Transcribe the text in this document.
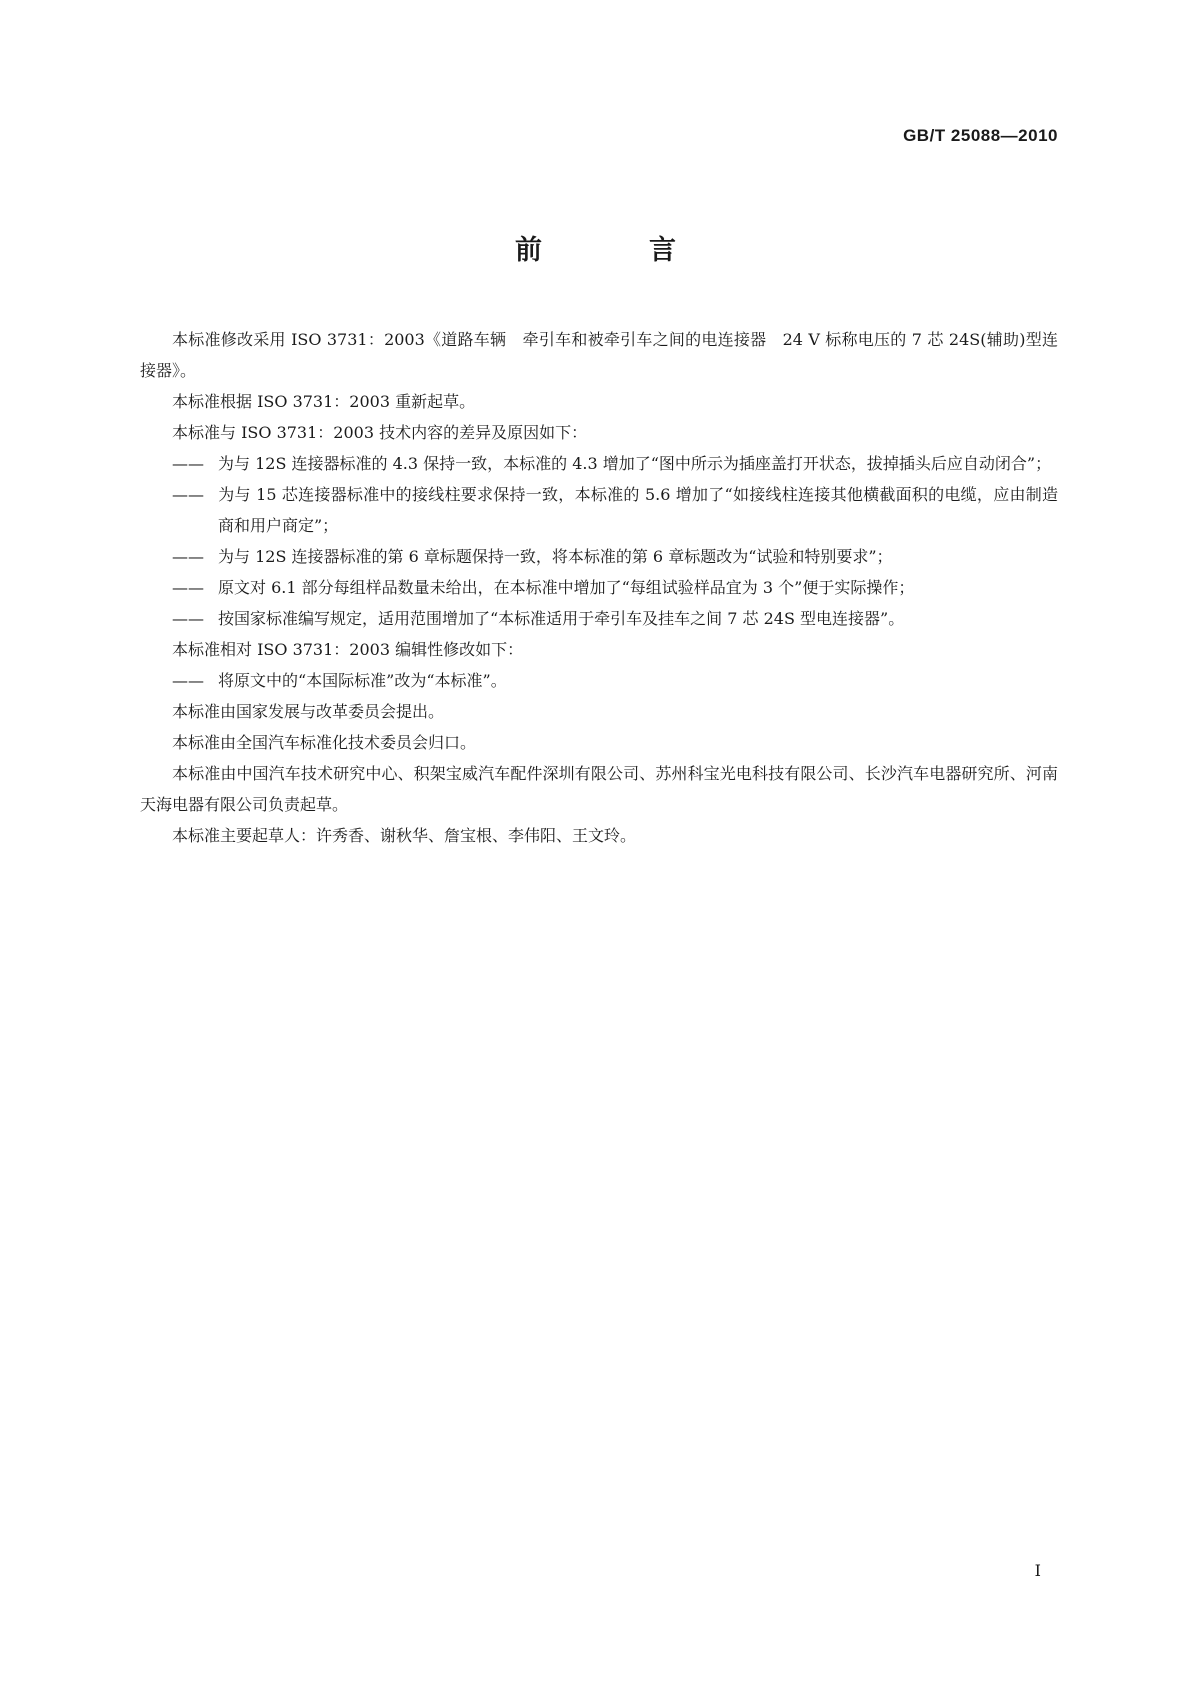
GB/T 25088—2010
前　言

本标准修改采用 ISO 3731：2003《道路车辆　牵引车和被牵引车之间的电连接器　24 V 标称电压的 7 芯 24S(辅助)型连接器》。

本标准根据 ISO 3731：2003 重新起草。

本标准与 ISO 3731：2003 技术内容的差异及原因如下：

—— 为与 12S 连接器标准的 4.3 保持一致，本标准的 4.3 增加了“图中所示为插座盖打开状态，拔掉插头后应自动闭合”；

—— 为与 15 芯连接器标准中的接线柱要求保持一致，本标准的 5.6 增加了“如接线柱连接其他横截面积的电缆，应由制造商和用户商定”；

—— 为与 12S 连接器标准的第 6 章标题保持一致，将本标准的第 6 章标题改为“试验和特别要求”；

—— 原文对 6.1 部分每组样品数量未给出，在本标准中增加了“每组试验样品宜为 3 个”便于实际操作；

—— 按国家标准编写规定，适用范围增加了“本标准适用于牵引车及挂车之间 7 芯 24S 型电连接器”。

本标准相对 ISO 3731：2003 编辑性修改如下：

—— 将原文中的“本国际标准”改为“本标准”。

本标准由国家发展与改革委员会提出。

本标准由全国汽车标准化技术委员会归口。

本标准由中国汽车技术研究中心、积架宝威汽车配件深圳有限公司、苏州科宝光电科技有限公司、长沙汽车电器研究所、河南天海电器有限公司负责起草。

本标准主要起草人：许秀香、谢秋华、詹宝根、李伟阳、王文玲。

I
